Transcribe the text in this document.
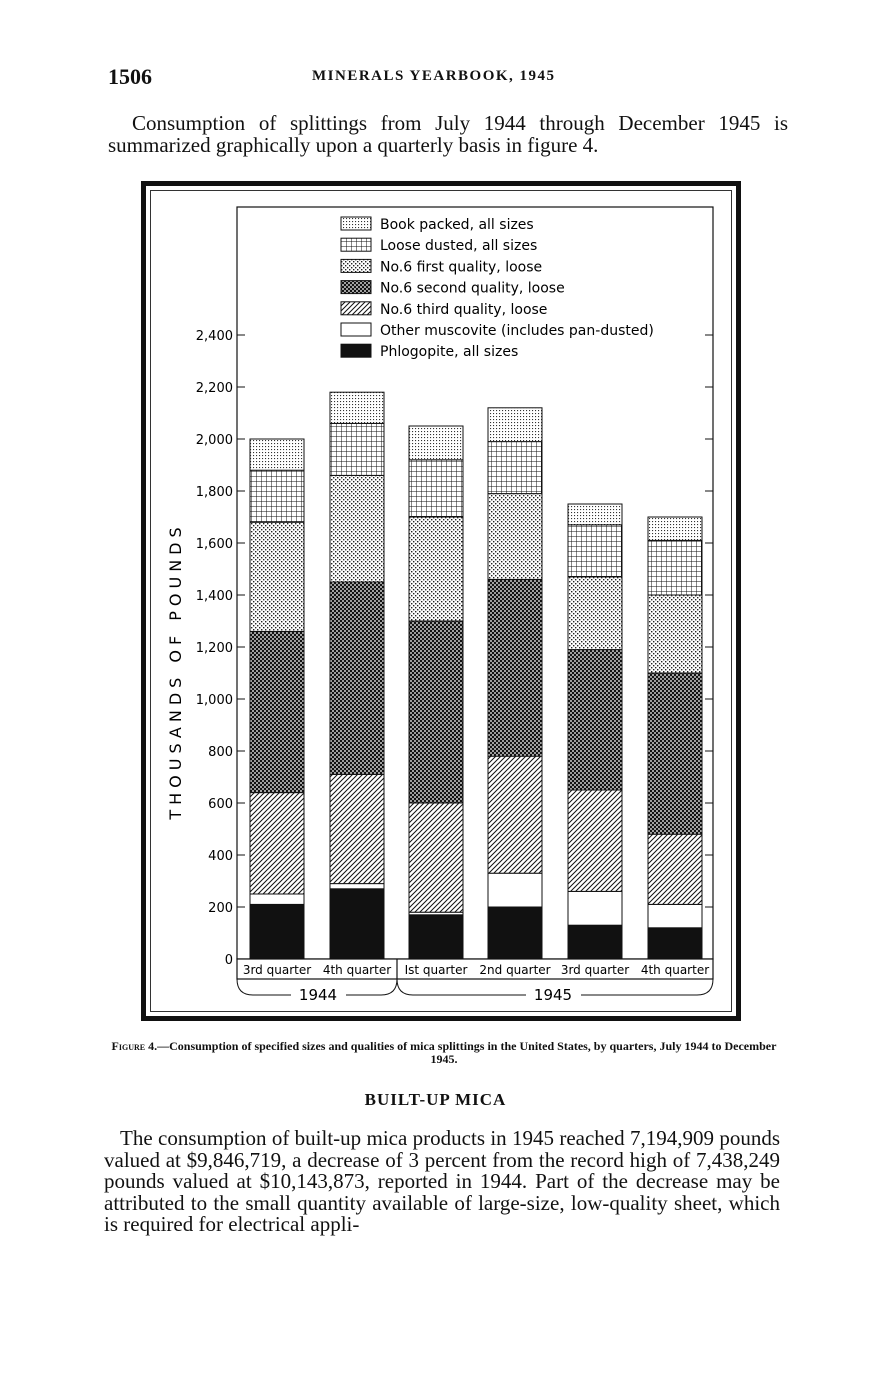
1506	MINERALS YEARBOOK, 1945

Consumption of splittings from July 1944 through December 1945 is summarized graphically upon a quarterly basis in figure 4.

0
200
400
600
800
1,000
1,200
1,400
1,600
1,800
2,000
2,200
2,400
Book packed, all sizes
Loose dusted, all sizes
No.6 first quality, loose
No.6 second quality, loose
No.6 third quality, loose
Other muscovite (includes pan-dusted)
Phlogopite, all sizes
3rd quarter 4th quarter Ist quarter 2nd quarter 3rd quarter 4th quarter
1944	1945
THOUSANDS OF POUNDS

Figure 4.—Consumption of specified sizes and qualities of mica splittings in the United States, by quarters, July 1944 to December 1945.

BUILT-UP MICA

The consumption of built-up mica products in 1945 reached 7,194,909 pounds valued at $9,846,719, a decrease of 3 percent from the record high of 7,438,249 pounds valued at $10,143,873, reported in 1944. Part of the decrease may be attributed to the small quantity available of large-size, low-quality sheet, which is required for electrical appli-
